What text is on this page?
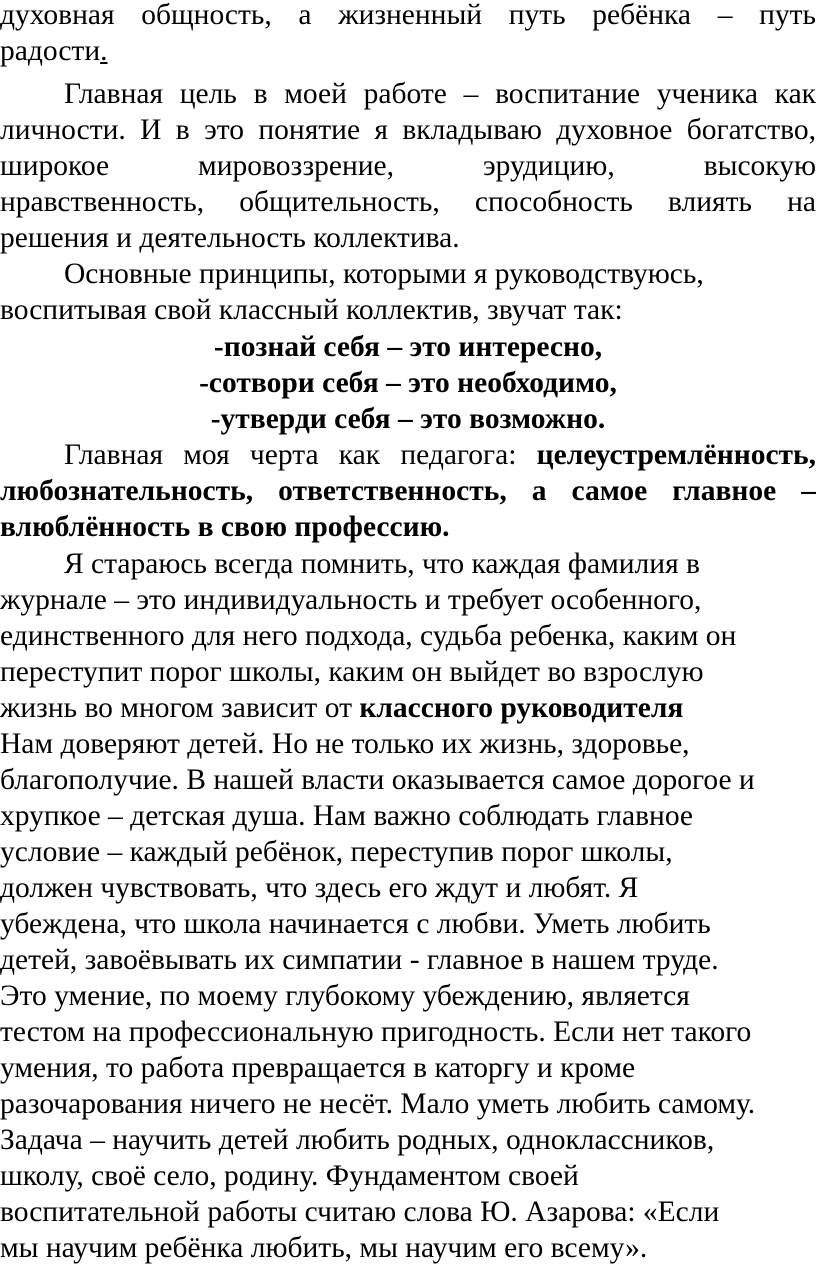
духовная общность, а жизненный путь ребёнка – путь
радости.
Главная цель в моей работе – воспитание ученика как
личности. И в это понятие я вкладываю духовное богатство,
широкое мировоззрение, эрудицию, высокую
нравственность, общительность, способность влиять на
решения и деятельность коллектива.
Основные принципы, которыми я руководствуюсь,
воспитывая свой классный коллектив, звучат так:
-познай себя – это интересно,
-сотвори себя – это необходимо,
-утверди себя – это возможно.
Главная моя черта как педагога: целеустремлённость,
любознательность, ответственность, а самое главное –
влюблённость в свою профессию.
Я стараюсь всегда помнить, что каждая фамилия в
журнале – это индивидуальность и требует особенного,
единственного для него подхода, судьба ребенка, каким он
переступит порог школы, каким он выйдет во взрослую
жизнь во многом зависит от классного руководителя
Нам доверяют детей. Но не только их жизнь, здоровье,
благополучие. В нашей власти оказывается самое дорогое и
хрупкое – детская душа. Нам важно соблюдать главное
условие – каждый ребёнок, переступив порог школы,
должен чувствовать, что здесь его ждут и любят. Я
убеждена, что школа начинается с любви. Уметь любить
детей, завоёвывать их симпатии - главное в нашем труде.
Это умение, по моему глубокому убеждению, является
тестом на профессиональную пригодность. Если нет такого
умения, то работа превращается в каторгу и кроме
разочарования ничего не несёт. Мало уметь любить самому.
Задача – научить детей любить родных, одноклассников,
школу, своё село, родину. Фундаментом своей
воспитательной работы считаю слова Ю. Азарова: «Если
мы научим ребёнка любить, мы научим его всему».
